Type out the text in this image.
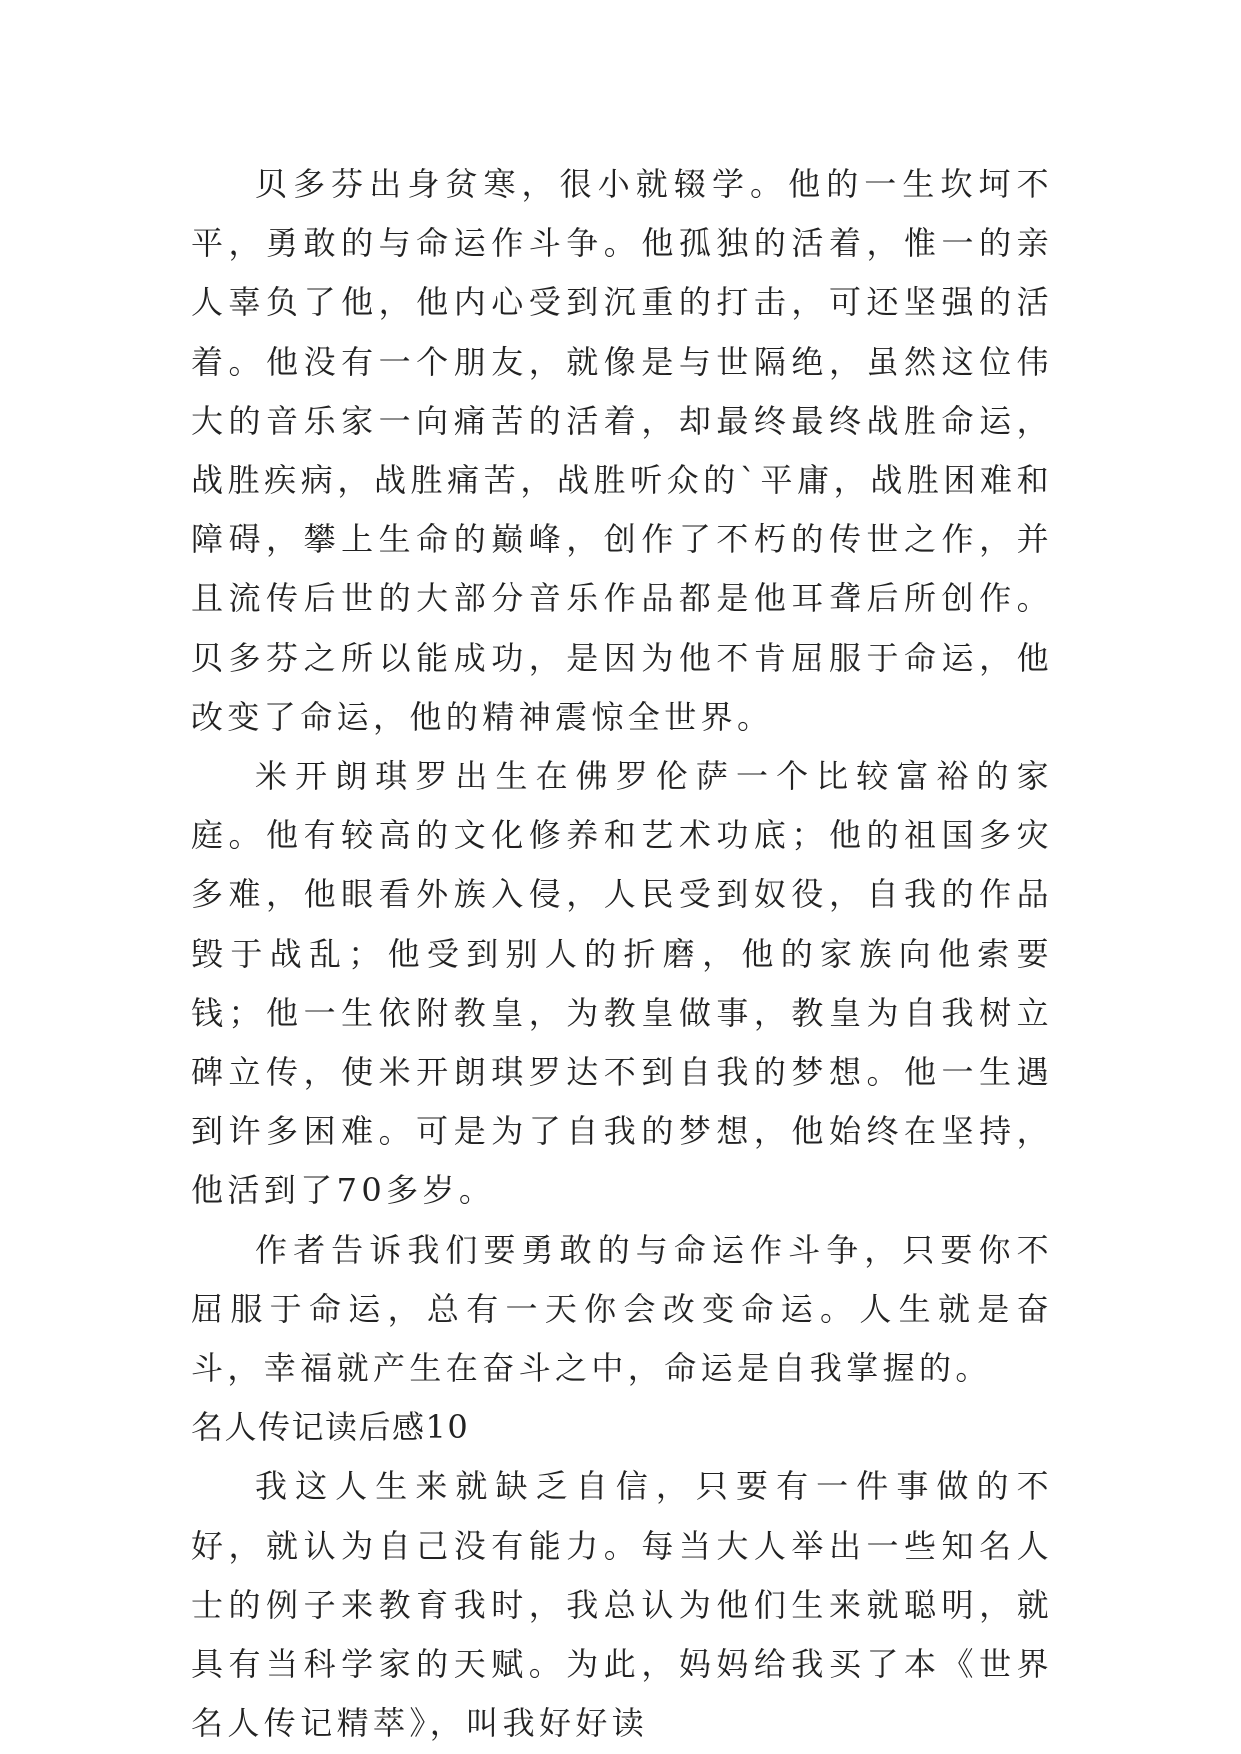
贝多芬出身贫寒，很小就辍学。他的一生坎坷不平，勇敢的与命运作斗争。他孤独的活着，惟一的亲人辜负了他，他内心受到沉重的打击，可还坚强的活着。他没有一个朋友，就像是与世隔绝，虽然这位伟大的音乐家一向痛苦的活着，却最终最终战胜命运，战胜疾病，战胜痛苦，战胜听众的`平庸，战胜困难和障碍，攀上生命的巅峰，创作了不朽的传世之作，并且流传后世的大部分音乐作品都是他耳聋后所创作。贝多芬之所以能成功，是因为他不肯屈服于命运，他改变了命运，他的精神震惊全世界。

米开朗琪罗出生在佛罗伦萨一个比较富裕的家庭。他有较高的文化修养和艺术功底；他的祖国多灾多难，他眼看外族入侵，人民受到奴役，自我的作品毁于战乱；他受到别人的折磨，他的家族向他索要钱；他一生依附教皇，为教皇做事，教皇为自我树立碑立传，使米开朗琪罗达不到自我的梦想。他一生遇到许多困难。可是为了自我的梦想，他始终在坚持，他活到了70多岁。

作者告诉我们要勇敢的与命运作斗争，只要你不屈服于命运，总有一天你会改变命运。人生就是奋斗，幸福就产生在奋斗之中，命运是自我掌握的。

名人传记读后感10

我这人生来就缺乏自信，只要有一件事做的不好，就认为自己没有能力。每当大人举出一些知名人士的例子来教育我时，我总认为他们生来就聪明，就具有当科学家的天赋。为此，妈妈给我买了本《世界名人传记精萃》，叫我好好读
